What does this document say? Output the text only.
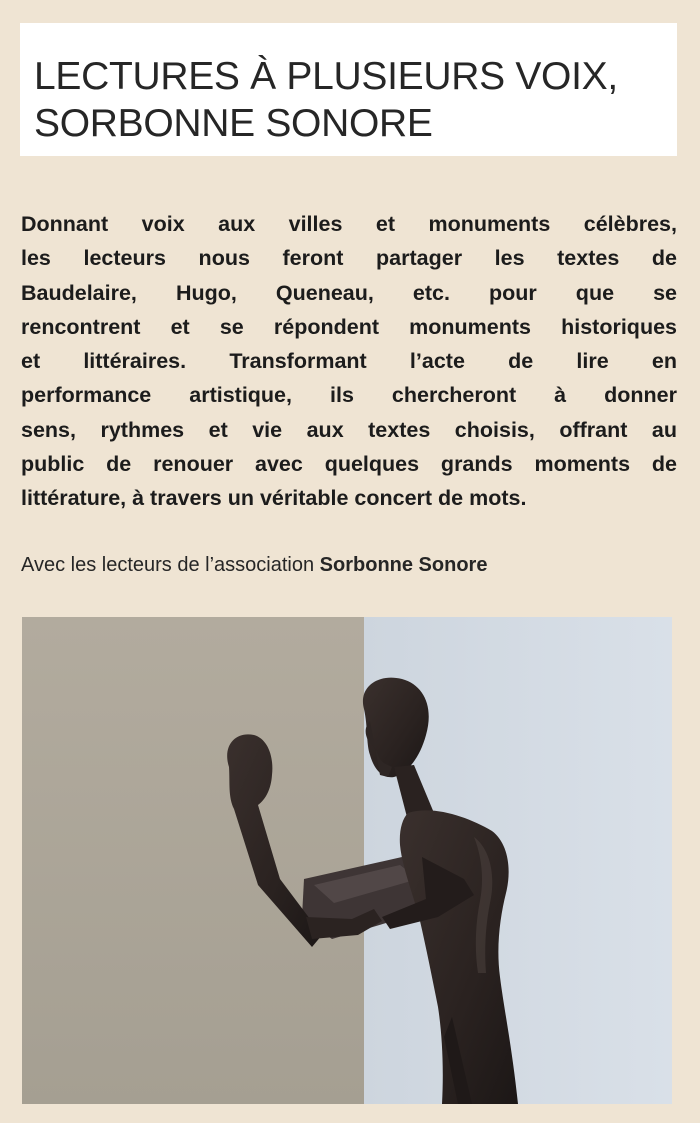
LECTURES À PLUSIEURS VOIX,
SORBONNE SONORE
Donnant voix aux villes et monuments célèbres,
les lecteurs nous feront partager les textes de
Baudelaire, Hugo, Queneau, etc. pour que se
rencontrent et se répondent monuments historiques
et littéraires. Transformant l’acte de lire en
performance artistique, ils chercheront à donner
sens, rythmes et vie aux textes choisis, offrant au
public de renouer avec quelques grands moments de
littérature, à travers un véritable concert de mots.
Avec les lecteurs de l’association Sorbonne Sonore
